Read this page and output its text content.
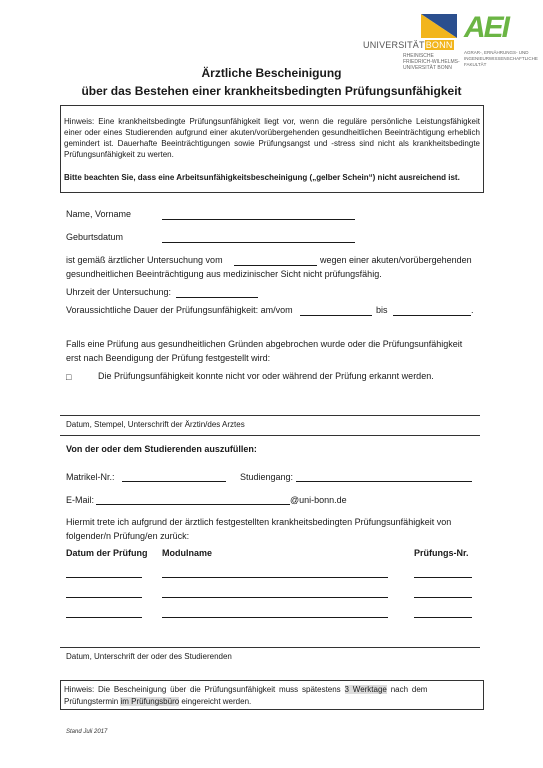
UNIVERSITÄTBONN
RHEINISCHE
FRIEDRICH-WILHELMS-
UNIVERSITÄT BONN
AEI
AGRAR-, ERNÄHRUNGS- UND
INGENIEURWISSENSCHAFTLICHE
FAKULTÄT
Ärztliche Bescheinigung
über das Bestehen einer krankheitsbedingten Prüfungsunfähigkeit
Hinweis: Eine krankheitsbedingte Prüfungsunfähigkeit liegt vor, wenn die reguläre persönliche Leistungsfähigkeit einer oder eines Studierenden aufgrund einer akuten/vorübergehenden gesundheitlichen Beeinträchtigung erheblich gemindert ist. Dauerhafte Beeinträchtigungen sowie Prüfungsangst und -stress sind nicht als krankheitsbedingte Prüfungsunfähigkeit zu werten.
Bitte beachten Sie, dass eine Arbeitsunfähigkeitsbescheinigung („gelber Schein“) nicht ausreichend ist.
Name, Vorname
Geburtsdatum
ist gemäß ärztlicher Untersuchung vom	wegen einer akuten/vorübergehenden
gesundheitlichen Beeinträchtigung aus medizinischer Sicht nicht prüfungsfähig.
Uhrzeit der Untersuchung:
Voraussichtliche Dauer der Prüfungsunfähigkeit: am/vom	bis	.
Falls eine Prüfung aus gesundheitlichen Gründen abgebrochen wurde oder die Prüfungsunfähigkeit
erst nach Beendigung der Prüfung festgestellt wird:
□	Die Prüfungsunfähigkeit konnte nicht vor oder während der Prüfung erkannt werden.
Datum, Stempel, Unterschrift der Ärztin/des Arztes
Von der oder dem Studierenden auszufüllen:
Matrikel-Nr.:	Studiengang:
E-Mail:	@uni-bonn.de
Hiermit trete ich aufgrund der ärztlich festgestellten krankheitsbedingten Prüfungsunfähigkeit von
folgender/n Prüfung/en zurück:
Datum der Prüfung Modulname	Prüfungs-Nr.
Datum, Unterschrift der oder des Studierenden
Hinweis: Die Bescheinigung über die Prüfungsunfähigkeit muss spätestens 3 Werktage nach dem
Prüfungstermin im Prüfungsbüro eingereicht werden.
Stand Juli 2017
